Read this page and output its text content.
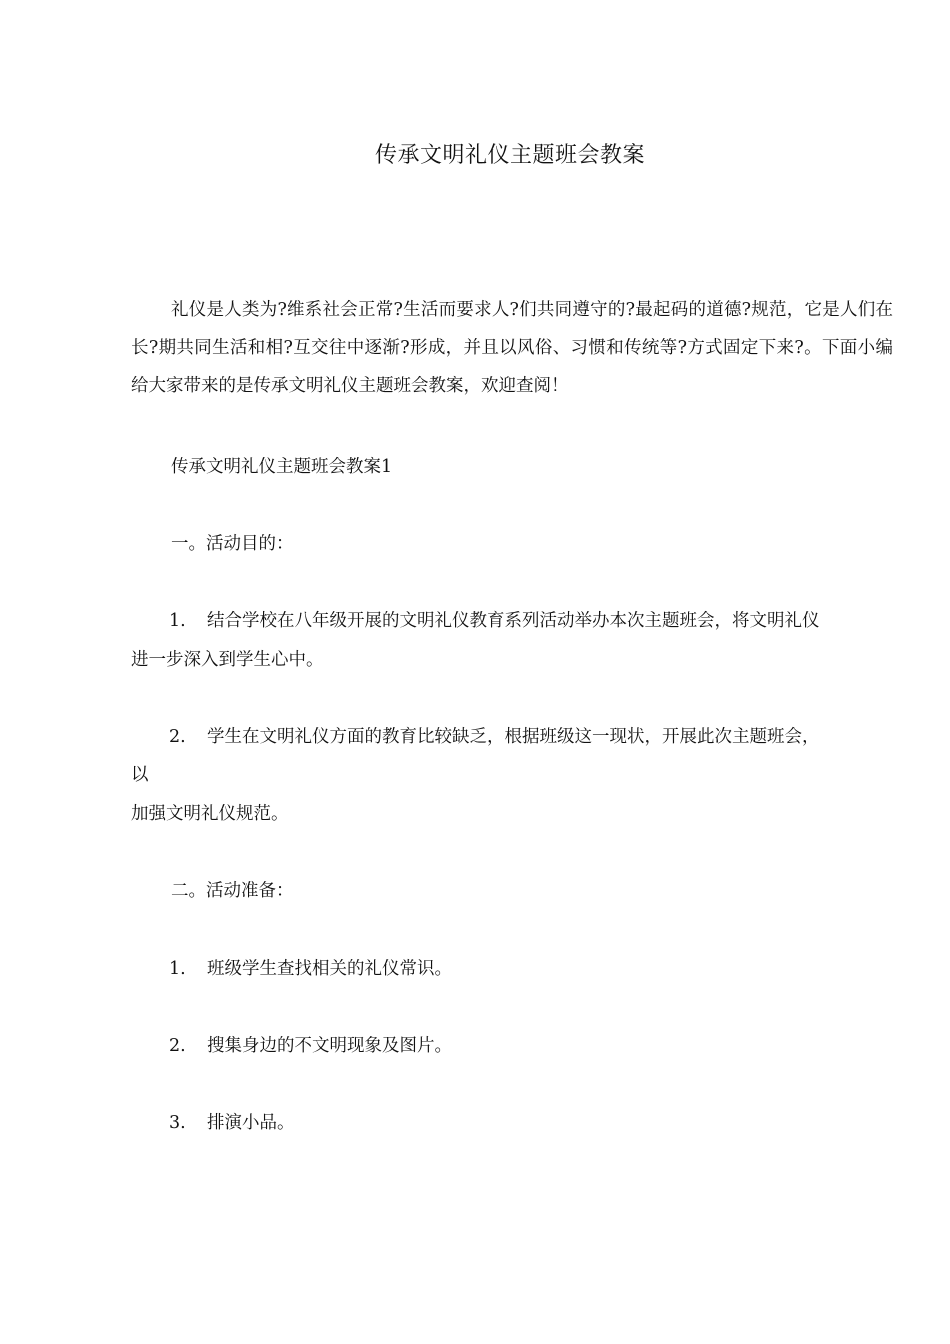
传承文明礼仪主题班会教案

礼仪是人类为?维系社会正常?生活而要求人?们共同遵守的?最起码的道德?规范，它是人们在长?期共同生活和相?互交往中逐渐?形成，并且以风俗、习惯和传统等?方式固定下来?。下面小编给大家带来的是传承文明礼仪主题班会教案，欢迎查阅！

传承文明礼仪主题班会教案1

一。活动目的：

1. 结合学校在八年级开展的文明礼仪教育系列活动举办本次主题班会，将文明礼仪

进一步深入到学生心中。

2. 学生在文明礼仪方面的教育比较缺乏，根据班级这一现状，开展此次主题班会，

以

加强文明礼仪规范。

二。活动准备：

1. 班级学生查找相关的礼仪常识。

2. 搜集身边的不文明现象及图片。

3. 排演小品。
